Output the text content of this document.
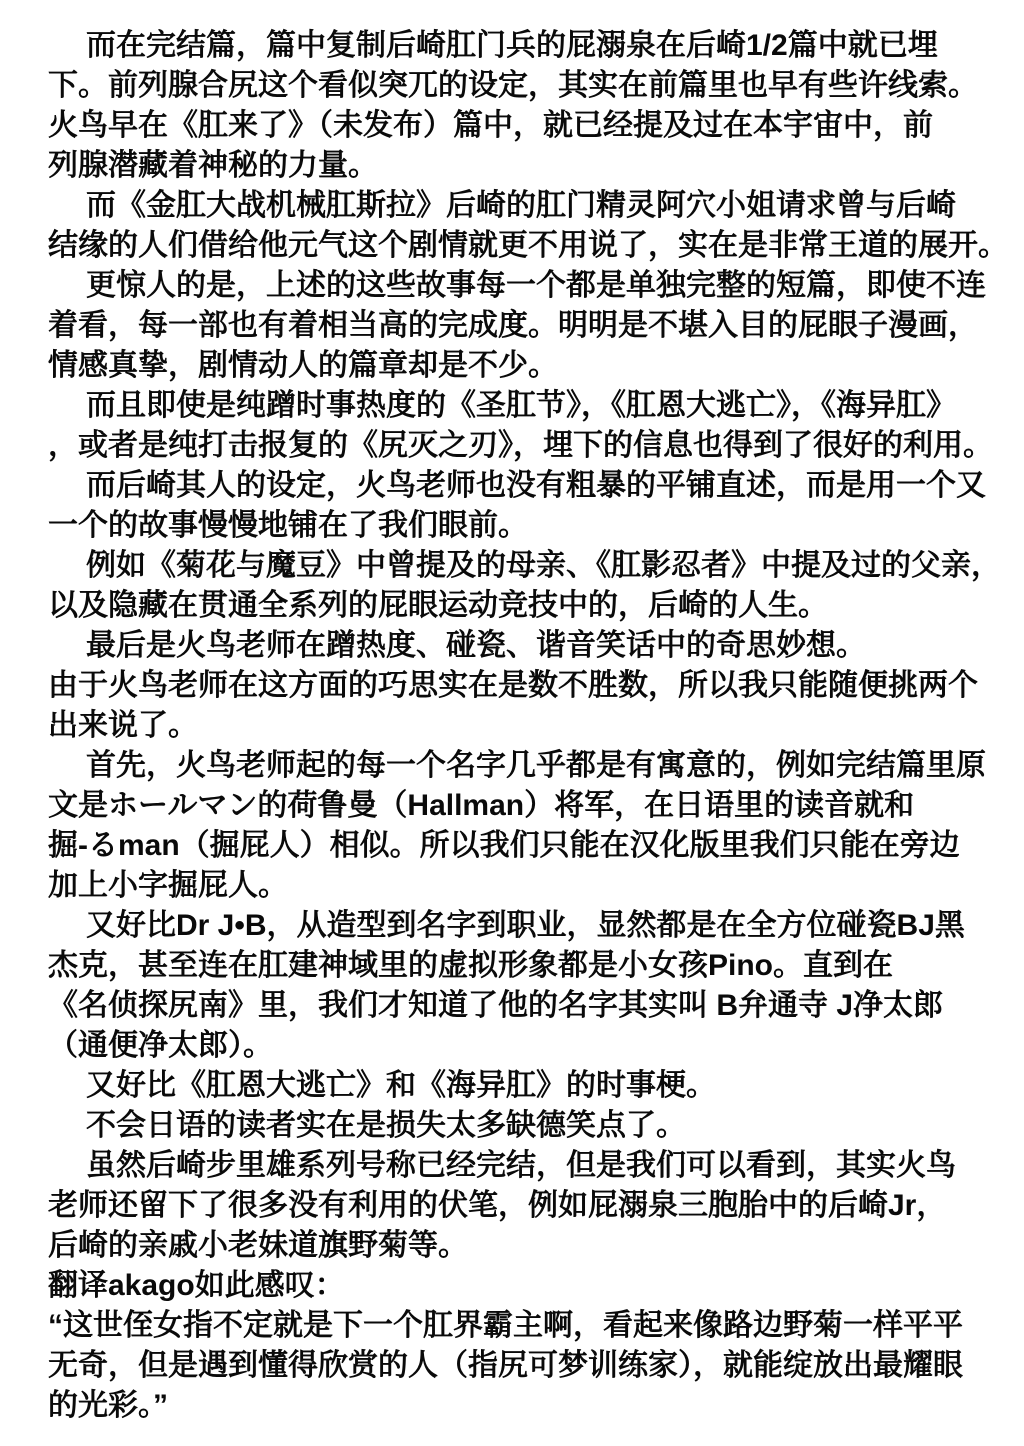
而在完结篇，篇中复制后崎肛门兵的屁溺泉在后崎1/2篇中就已埋
下。前列腺合尻这个看似突兀的设定，其实在前篇里也早有些许线索。
火鸟早在《肛来了》（未发布）篇中，就已经提及过在本宇宙中，前
列腺潜藏着神秘的力量。
而《金肛大战机械肛斯拉》后崎的肛门精灵阿穴小姐请求曾与后崎
结缘的人们借给他元气这个剧情就更不用说了，实在是非常王道的展开。
更惊人的是，上述的这些故事每一个都是单独完整的短篇，即使不连
着看，每一部也有着相当高的完成度。明明是不堪入目的屁眼子漫画，
情感真挚，剧情动人的篇章却是不少。
而且即使是纯蹭时事热度的《圣肛节》，《肛恩大逃亡》，《海异肛》
，或者是纯打击报复的《尻灭之刃》，埋下的信息也得到了很好的利用。
而后崎其人的设定，火鸟老师也没有粗暴的平铺直述，而是用一个又
一个的故事慢慢地铺在了我们眼前。
例如《菊花与魔豆》中曾提及的母亲、《肛影忍者》中提及过的父亲，
以及隐藏在贯通全系列的屁眼运动竞技中的，后崎的人生。
最后是火鸟老师在蹭热度、碰瓷、谐音笑话中的奇思妙想。
由于火鸟老师在这方面的巧思实在是数不胜数，所以我只能随便挑两个
出来说了。
首先，火鸟老师起的每一个名字几乎都是有寓意的，例如完结篇里原
文是ホールマン的荷鲁曼（Hallman）将军，在日语里的读音就和
掘-るman（掘屁人）相似。所以我们只能在汉化版里我们只能在旁边
加上小字掘屁人。
又好比Dr J•B，从造型到名字到职业，显然都是在全方位碰瓷BJ黑
杰克，甚至连在肛建神域里的虚拟形象都是小女孩Pino。直到在
《名侦探尻南》里，我们才知道了他的名字其实叫 B弁通寺 J净太郎
（通便净太郎）。
又好比《肛恩大逃亡》和《海异肛》的时事梗。
不会日语的读者实在是损失太多缺德笑点了。
虽然后崎步里雄系列号称已经完结，但是我们可以看到，其实火鸟
老师还留下了很多没有利用的伏笔，例如屁溺泉三胞胎中的后崎Jr，
后崎的亲戚小老妹道旗野菊等。
翻译akago如此感叹：
“这世侄女指不定就是下一个肛界霸主啊，看起来像路边野菊一样平平
无奇，但是遇到懂得欣赏的人（指尻可梦训练家），就能绽放出最耀眼
的光彩。”
